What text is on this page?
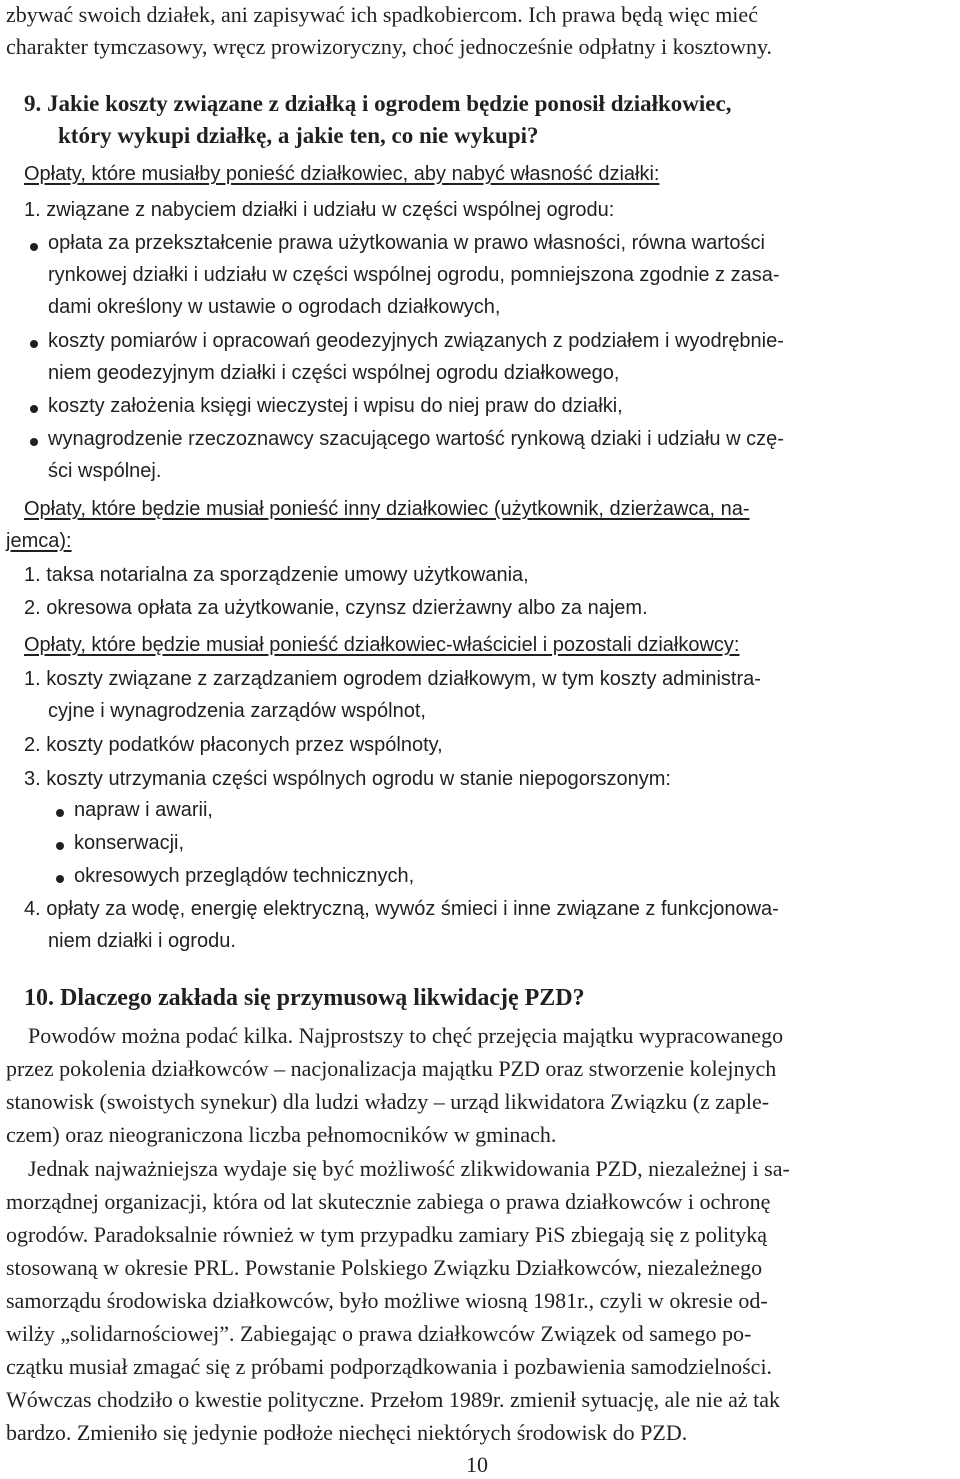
zbywać swoich działek, ani zapisywać ich spadkobiercom. Ich prawa będą więc mieć
charakter tymczasowy, wręcz prowizoryczny, choć jednocześnie odpłatny i kosztowny.
9. Jakie koszty związane z działką i ogrodem będzie ponosił działkowiec,
który wykupi działkę, a jakie ten, co nie wykupi?
Opłaty, które musiałby ponieść działkowiec, aby nabyć własność działki:
1. związane z nabyciem działki i udziału w części wspólnej ogrodu:
opłata za przekształcenie prawa użytkowania w prawo własności, równa wartości
rynkowej działki i udziału w części wspólnej ogrodu, pomniejszona zgodnie z zasa-
dami określony w ustawie o ogrodach działkowych,
koszty pomiarów i opracowań geodezyjnych związanych z podziałem i wyodrębnie-
niem geodezyjnym działki i części wspólnej ogrodu działkowego,
koszty założenia księgi wieczystej i wpisu do niej praw do działki,
wynagrodzenie rzeczoznawcy szacującego wartość rynkową dziaki i udziału w czę-
ści wspólnej.
Opłaty, które będzie musiał ponieść inny działkowiec (użytkownik, dzierżawca, na-
jemca):
1. taksa notarialna za sporządzenie umowy użytkowania,
2. okresowa opłata za użytkowanie, czynsz dzierżawny albo za najem.
Opłaty, które będzie musiał ponieść działkowiec-właściciel i pozostali działkowcy:
1. koszty związane z zarządzaniem ogrodem działkowym, w tym koszty administra-
cyjne i wynagrodzenia zarządów wspólnot,
2. koszty podatków płaconych przez wspólnoty,
3. koszty utrzymania części wspólnych ogrodu w stanie niepogorszonym:
napraw i awarii,
konserwacji,
okresowych przeglądów technicznych,
4. opłaty za wodę, energię elektryczną, wywóz śmieci i inne związane z funkcjonowa-
niem działki i ogrodu.
10. Dlaczego zakłada się przymusową likwidację PZD?
Powodów można podać kilka. Najprostszy to chęć przejęcia majątku wypracowanego
przez pokolenia działkowców – nacjonalizacja majątku PZD oraz stworzenie kolejnych
stanowisk (swoistych synekur) dla ludzi władzy – urząd likwidatora Związku (z zaple-
czem) oraz nieograniczona liczba pełnomocników w gminach.
Jednak najważniejsza wydaje się być możliwość zlikwidowania PZD, niezależnej i sa-
morządnej organizacji, która od lat skutecznie zabiega o prawa działkowców i ochronę
ogrodów. Paradoksalnie również w tym przypadku zamiary PiS zbiegają się z polityką
stosowaną w okresie PRL. Powstanie Polskiego Związku Działkowców, niezależnego
samorządu środowiska działkowców, było możliwe wiosną 1981r., czyli w okresie od-
wilży „solidarnościowej”. Zabiegając o prawa działkowców Związek od samego po-
czątku musiał zmagać się z próbami podporządkowania i pozbawienia samodzielności.
Wówczas chodziło o kwestie polityczne. Przełom 1989r. zmienił sytuację, ale nie aż tak
bardzo. Zmieniło się jedynie podłoże niechęci niektórych środowisk do PZD.
10
